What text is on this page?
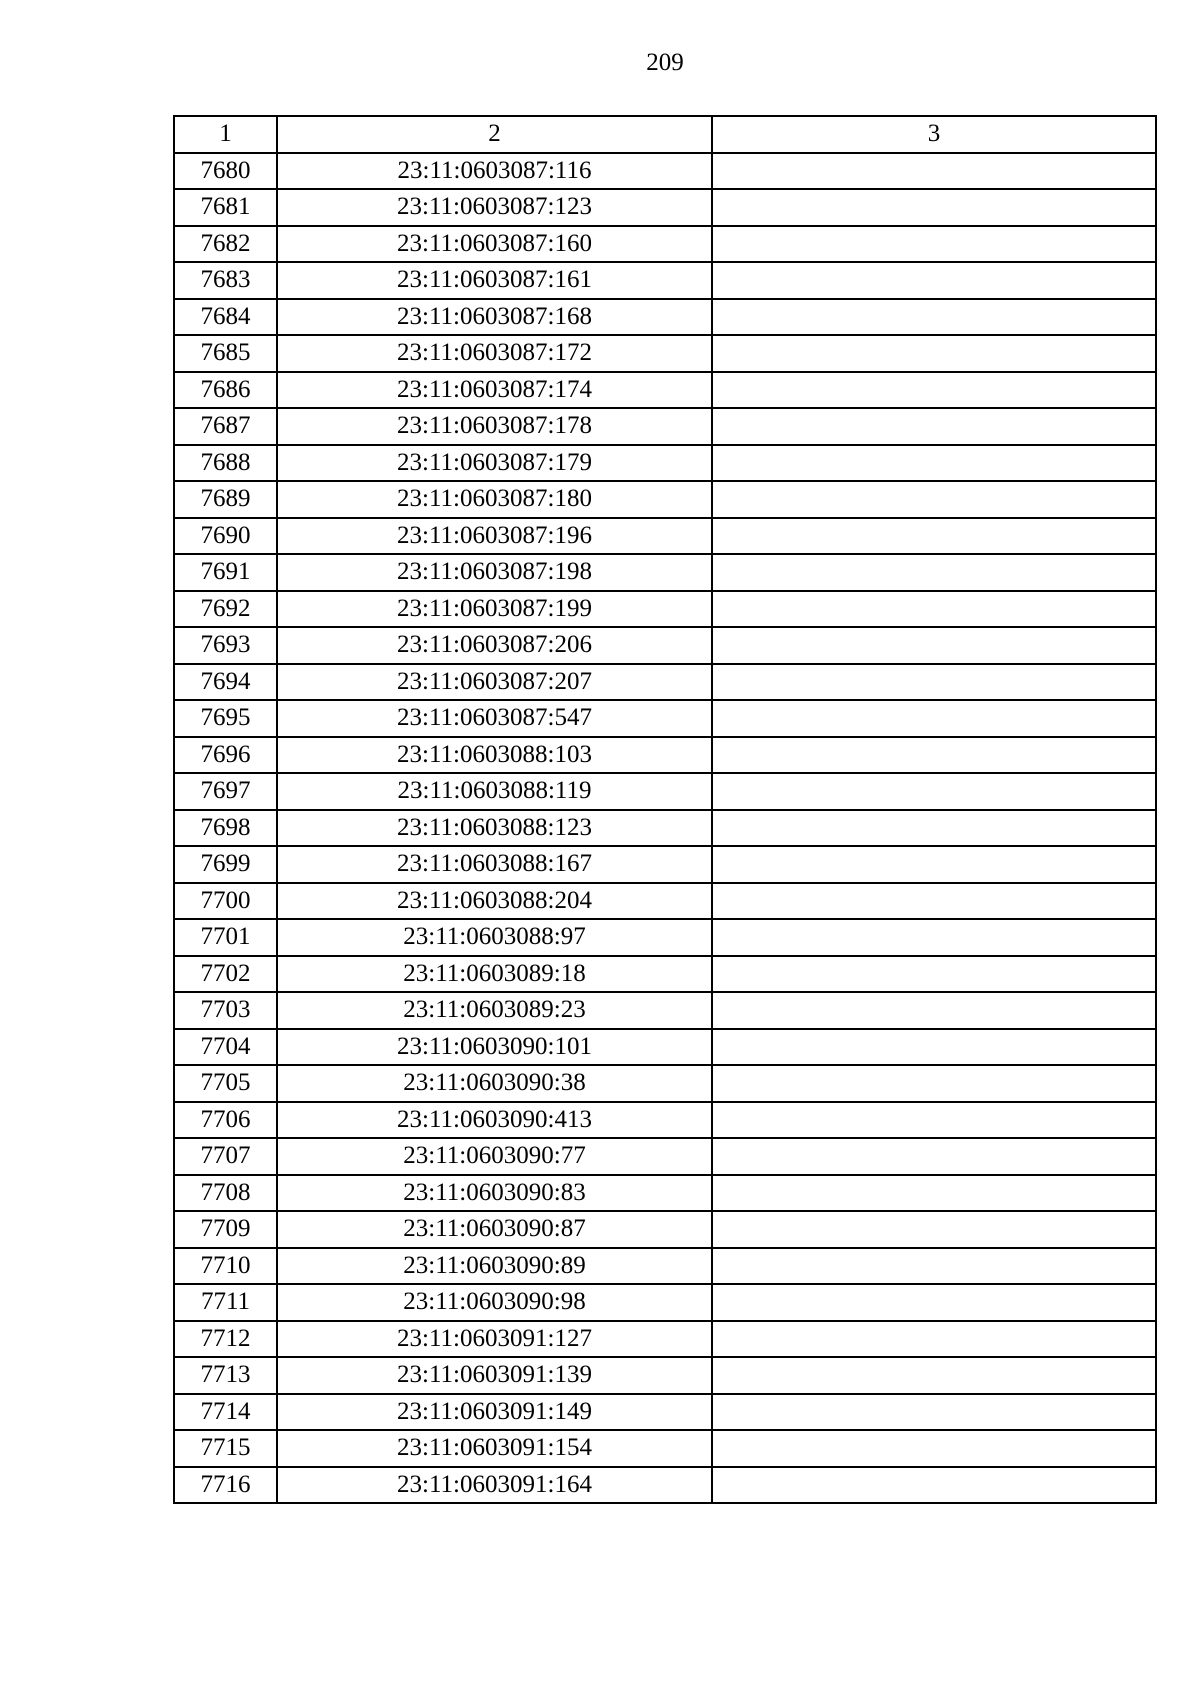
209
1	2	3
7680	23:11:0603087:116	
7681	23:11:0603087:123	
7682	23:11:0603087:160	
7683	23:11:0603087:161	
7684	23:11:0603087:168	
7685	23:11:0603087:172	
7686	23:11:0603087:174	
7687	23:11:0603087:178	
7688	23:11:0603087:179	
7689	23:11:0603087:180	
7690	23:11:0603087:196	
7691	23:11:0603087:198	
7692	23:11:0603087:199	
7693	23:11:0603087:206	
7694	23:11:0603087:207	
7695	23:11:0603087:547	
7696	23:11:0603088:103	
7697	23:11:0603088:119	
7698	23:11:0603088:123	
7699	23:11:0603088:167	
7700	23:11:0603088:204	
7701	23:11:0603088:97	
7702	23:11:0603089:18	
7703	23:11:0603089:23	
7704	23:11:0603090:101	
7705	23:11:0603090:38	
7706	23:11:0603090:413	
7707	23:11:0603090:77	
7708	23:11:0603090:83	
7709	23:11:0603090:87	
7710	23:11:0603090:89	
7711	23:11:0603090:98	
7712	23:11:0603091:127	
7713	23:11:0603091:139	
7714	23:11:0603091:149	
7715	23:11:0603091:154	
7716	23:11:0603091:164	
